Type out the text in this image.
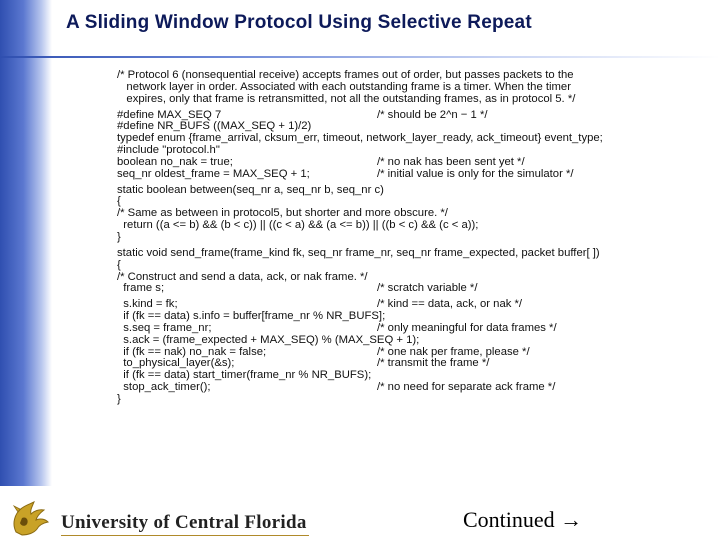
A Sliding Window Protocol Using Selective Repeat
/* Protocol 6 (nonsequential receive) accepts frames out of order, but passes packets to the
network layer in order. Associated with each outstanding frame is a timer. When the timer
expires, only that frame is retransmitted, not all the outstanding frames, as in protocol 5. */
#define MAX_SEQ 7	/* should be 2^n − 1 */
#define NR_BUFS ((MAX_SEQ + 1)/2)
typedef enum {frame_arrival, cksum_err, timeout, network_layer_ready, ack_timeout} event_type;
#include "protocol.h"
boolean no_nak = true;	/* no nak has been sent yet */
seq_nr oldest_frame = MAX_SEQ + 1;	/* initial value is only for the simulator */
static boolean between(seq_nr a, seq_nr b, seq_nr c)
{
/* Same as between in protocol5, but shorter and more obscure. */
return ((a <= b) && (b < c)) || ((c < a) && (a <= b)) || ((b < c) && (c < a));
}
static void send_frame(frame_kind fk, seq_nr frame_nr, seq_nr frame_expected, packet buffer[ ])
{
/* Construct and send a data, ack, or nak frame. */
frame s;	/* scratch variable */
s.kind = fk;	/* kind == data, ack, or nak */
if (fk == data) s.info = buffer[frame_nr % NR_BUFS];
s.seq = frame_nr;	/* only meaningful for data frames */
s.ack = (frame_expected + MAX_SEQ) % (MAX_SEQ + 1);
if (fk == nak) no_nak = false;	/* one nak per frame, please */
to_physical_layer(&s);	/* transmit the frame */
if (fk == data) start_timer(frame_nr % NR_BUFS);
stop_ack_timer();	/* no need for separate ack frame */
}
University of Central Florida	Continued →
